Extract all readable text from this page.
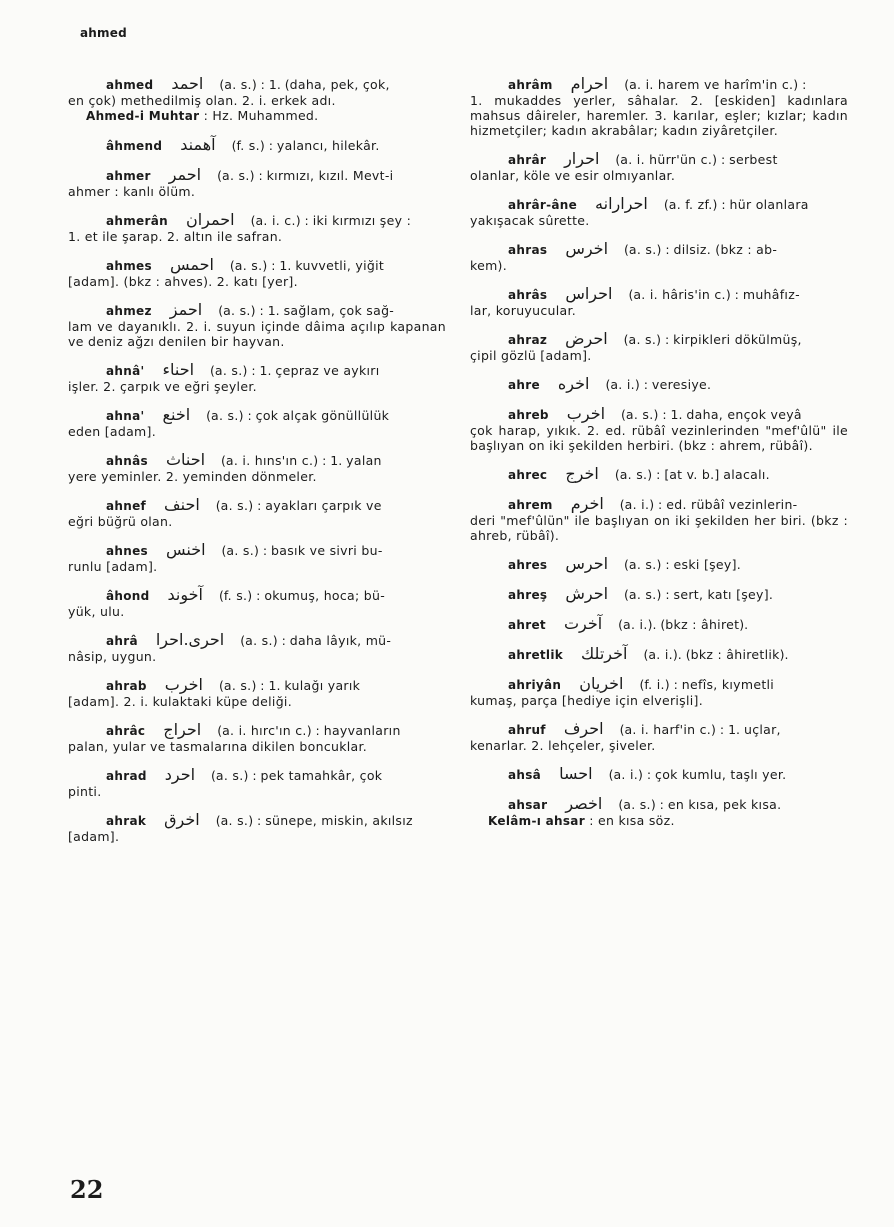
ahmed
ahmed احمد (a. s.) : 1. (daha, pek, çok,
en çok) methedilmiş olan. 2. i. erkek adı.
Ahmed-i Muhtar : Hz. Muhammed.
âhmend آهمند (f. s.) : yalancı, hilekâr.
ahmer احمر (a. s.) : kırmızı, kızıl. Mevt-i
ahmer : kanlı ölüm.
ahmerân احمران (a. i. c.) : iki kırmızı şey :
1. et ile şarap. 2. altın ile safran.
ahmes احمس (a. s.) : 1. kuvvetli, yiğit
[adam]. (bkz : ahves). 2. katı [yer].
ahmez احمز (a. s.) : 1. sağlam, çok sağ-
lam ve dayanıklı. 2. i. suyun içinde dâima açılıp kapanan ve deniz ağzı denilen bir hayvan.
ahnâ' احناء (a. s.) : 1. çepraz ve aykırı
işler. 2. çarpık ve eğri şeyler.
ahna' اخنع (a. s.) : çok alçak gönüllülük
eden [adam].
ahnâs احناث (a. i. hıns'ın c.) : 1. yalan
yere yeminler. 2. yeminden dönmeler.
ahnef احنف (a. s.) : ayakları çarpık ve
eğri büğrü olan.
ahnes اخنس (a. s.) : basık ve sivri bu-
runlu [adam].
âhond آخوند (f. s.) : okumuş, hoca; bü-
yük, ulu.
ahrâ احرى.احرا (a. s.) : daha lâyık, mü-
nâsip, uygun.
ahrab اخرب (a. s.) : 1. kulağı yarık
[adam]. 2. i. kulaktaki küpe deliği.
ahrâc احراج (a. i. hırc'ın c.) : hayvanların
palan, yular ve tasmalarına dikilen boncuklar.
ahrad احرد (a. s.) : pek tamahkâr, çok
pinti.
ahrak اخرق (a. s.) : sünepe, miskin, akılsız
[adam].
ahrâm احرام (a. i. harem ve harîm'in c.) :
1. mukaddes yerler, sâhalar. 2. [eskiden] kadınlara mahsus dâireler, haremler. 3. karılar, eşler; kızlar; kadın hizmetçiler; kadın akrabâlar; kadın ziyâretçiler.
ahrâr احرار (a. i. hürr'ün c.) : serbest
olanlar, köle ve esir olmıyanlar.
ahrâr-âne احرارانه (a. f. zf.) : hür olanlara
yakışacak sûrette.
ahras اخرس (a. s.) : dilsiz. (bkz : ab-
kem).
ahrâs احراس (a. i. hâris'in c.) : muhâfız-
lar, koruyucular.
ahraz احرض (a. s.) : kirpikleri dökülmüş,
çipil gözlü [adam].
ahre اخره (a. i.) : veresiye.
ahreb اخرب (a. s.) : 1. daha, ençok veyâ
çok harap, yıkık. 2. ed. rübâî vezinlerinden "mef'ûlü" ile başlıyan on iki şekilden herbiri. (bkz : ahrem, rübâî).
ahrec اخرج (a. s.) : [at v. b.] alacalı.
ahrem اخرم (a. i.) : ed. rübâî vezinlerin-
deri "mef'ûlün" ile başlıyan on iki şekilden her biri. (bkz : ahreb, rübâî).
ahres احرس (a. s.) : eski [şey].
ahreş احرش (a. s.) : sert, katı [şey].
ahret آخرت (a. i.). (bkz : âhiret).
ahretlik آخرتلك (a. i.). (bkz : âhiretlik).
ahriyân اخريان (f. i.) : nefîs, kıymetli
kumaş, parça [hediye için elverişli].
ahruf احرف (a. i. harf'in c.) : 1. uçlar,
kenarlar. 2. lehçeler, şiveler.
ahsâ احسا (a. i.) : çok kumlu, taşlı yer.
ahsar اخصر (a. s.) : en kısa, pek kısa.
Kelâm-ı ahsar : en kısa söz.
22
